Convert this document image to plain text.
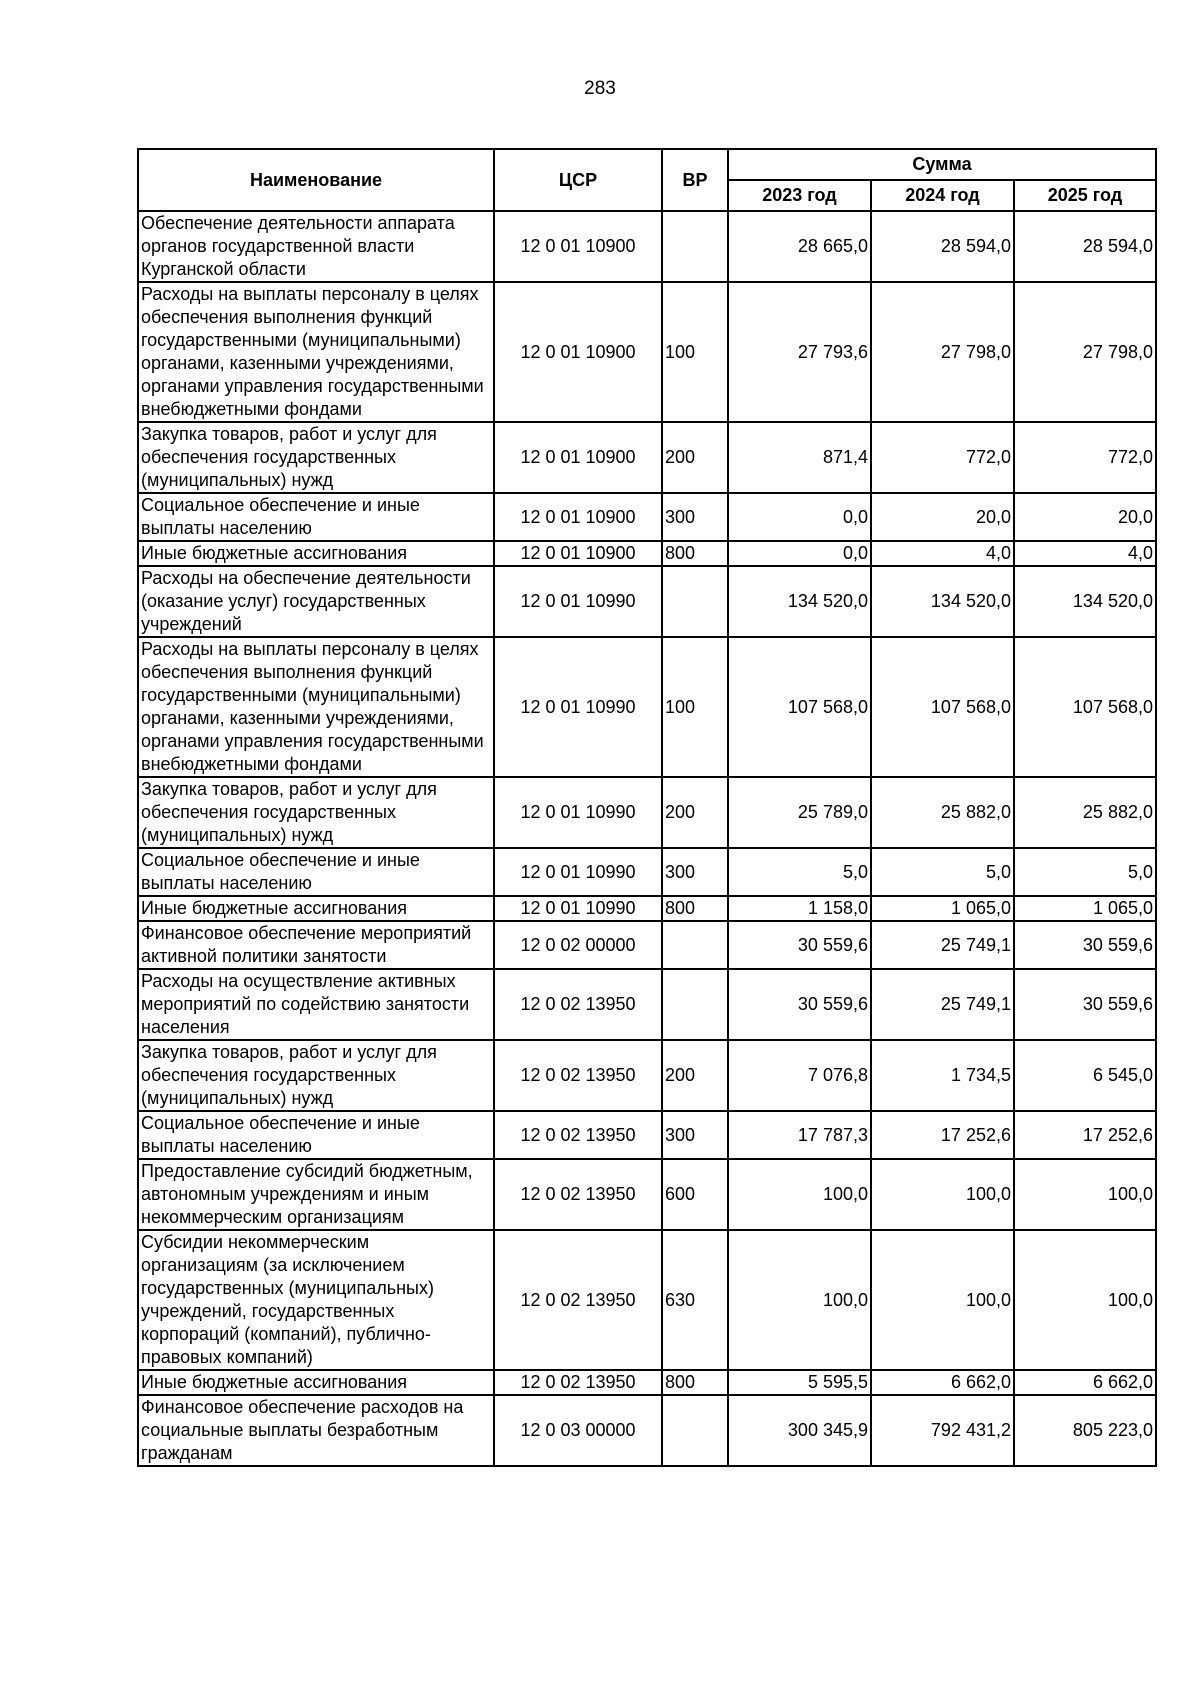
283
Наименование	ЦСР	ВР	Сумма		
			2023 год	2024 год	2025 год
Обеспечение деятельности аппарата органов государственной власти Курганской области	12 0 01 10900		28 665,0	28 594,0	28 594,0
Расходы на выплаты персоналу в целях обеспечения выполнения функций государственными (муниципальными) органами, казенными учреждениями, органами управления государственными внебюджетными фондами	12 0 01 10900	100	27 793,6	27 798,0	27 798,0
Закупка товаров, работ и услуг для обеспечения государственных (муниципальных) нужд	12 0 01 10900	200	871,4	772,0	772,0
Социальное обеспечение и иные выплаты населению	12 0 01 10900	300	0,0	20,0	20,0
Иные бюджетные ассигнования	12 0 01 10900	800	0,0	4,0	4,0
Расходы на обеспечение деятельности (оказание услуг) государственных учреждений	12 0 01 10990		134 520,0	134 520,0	134 520,0
Расходы на выплаты персоналу в целях обеспечения выполнения функций государственными (муниципальными) органами, казенными учреждениями, органами управления государственными внебюджетными фондами	12 0 01 10990	100	107 568,0	107 568,0	107 568,0
Закупка товаров, работ и услуг для обеспечения государственных (муниципальных) нужд	12 0 01 10990	200	25 789,0	25 882,0	25 882,0
Социальное обеспечение и иные выплаты населению	12 0 01 10990	300	5,0	5,0	5,0
Иные бюджетные ассигнования	12 0 01 10990	800	1 158,0	1 065,0	1 065,0
Финансовое обеспечение мероприятий активной политики занятости	12 0 02 00000		30 559,6	25 749,1	30 559,6
Расходы на осуществление активных мероприятий по содействию занятости населения	12 0 02 13950		30 559,6	25 749,1	30 559,6
Закупка товаров, работ и услуг для обеспечения государственных (муниципальных) нужд	12 0 02 13950	200	7 076,8	1 734,5	6 545,0
Социальное обеспечение и иные выплаты населению	12 0 02 13950	300	17 787,3	17 252,6	17 252,6
Предоставление субсидий бюджетным, автономным учреждениям и иным некоммерческим организациям	12 0 02 13950	600	100,0	100,0	100,0
Субсидии некоммерческим организациям (за исключением государственных (муниципальных) учреждений, государственных корпораций (компаний), публично-правовых компаний)	12 0 02 13950	630	100,0	100,0	100,0
Иные бюджетные ассигнования	12 0 02 13950	800	5 595,5	6 662,0	6 662,0
Финансовое обеспечение расходов на социальные выплаты безработным гражданам	12 0 03 00000		300 345,9	792 431,2	805 223,0
